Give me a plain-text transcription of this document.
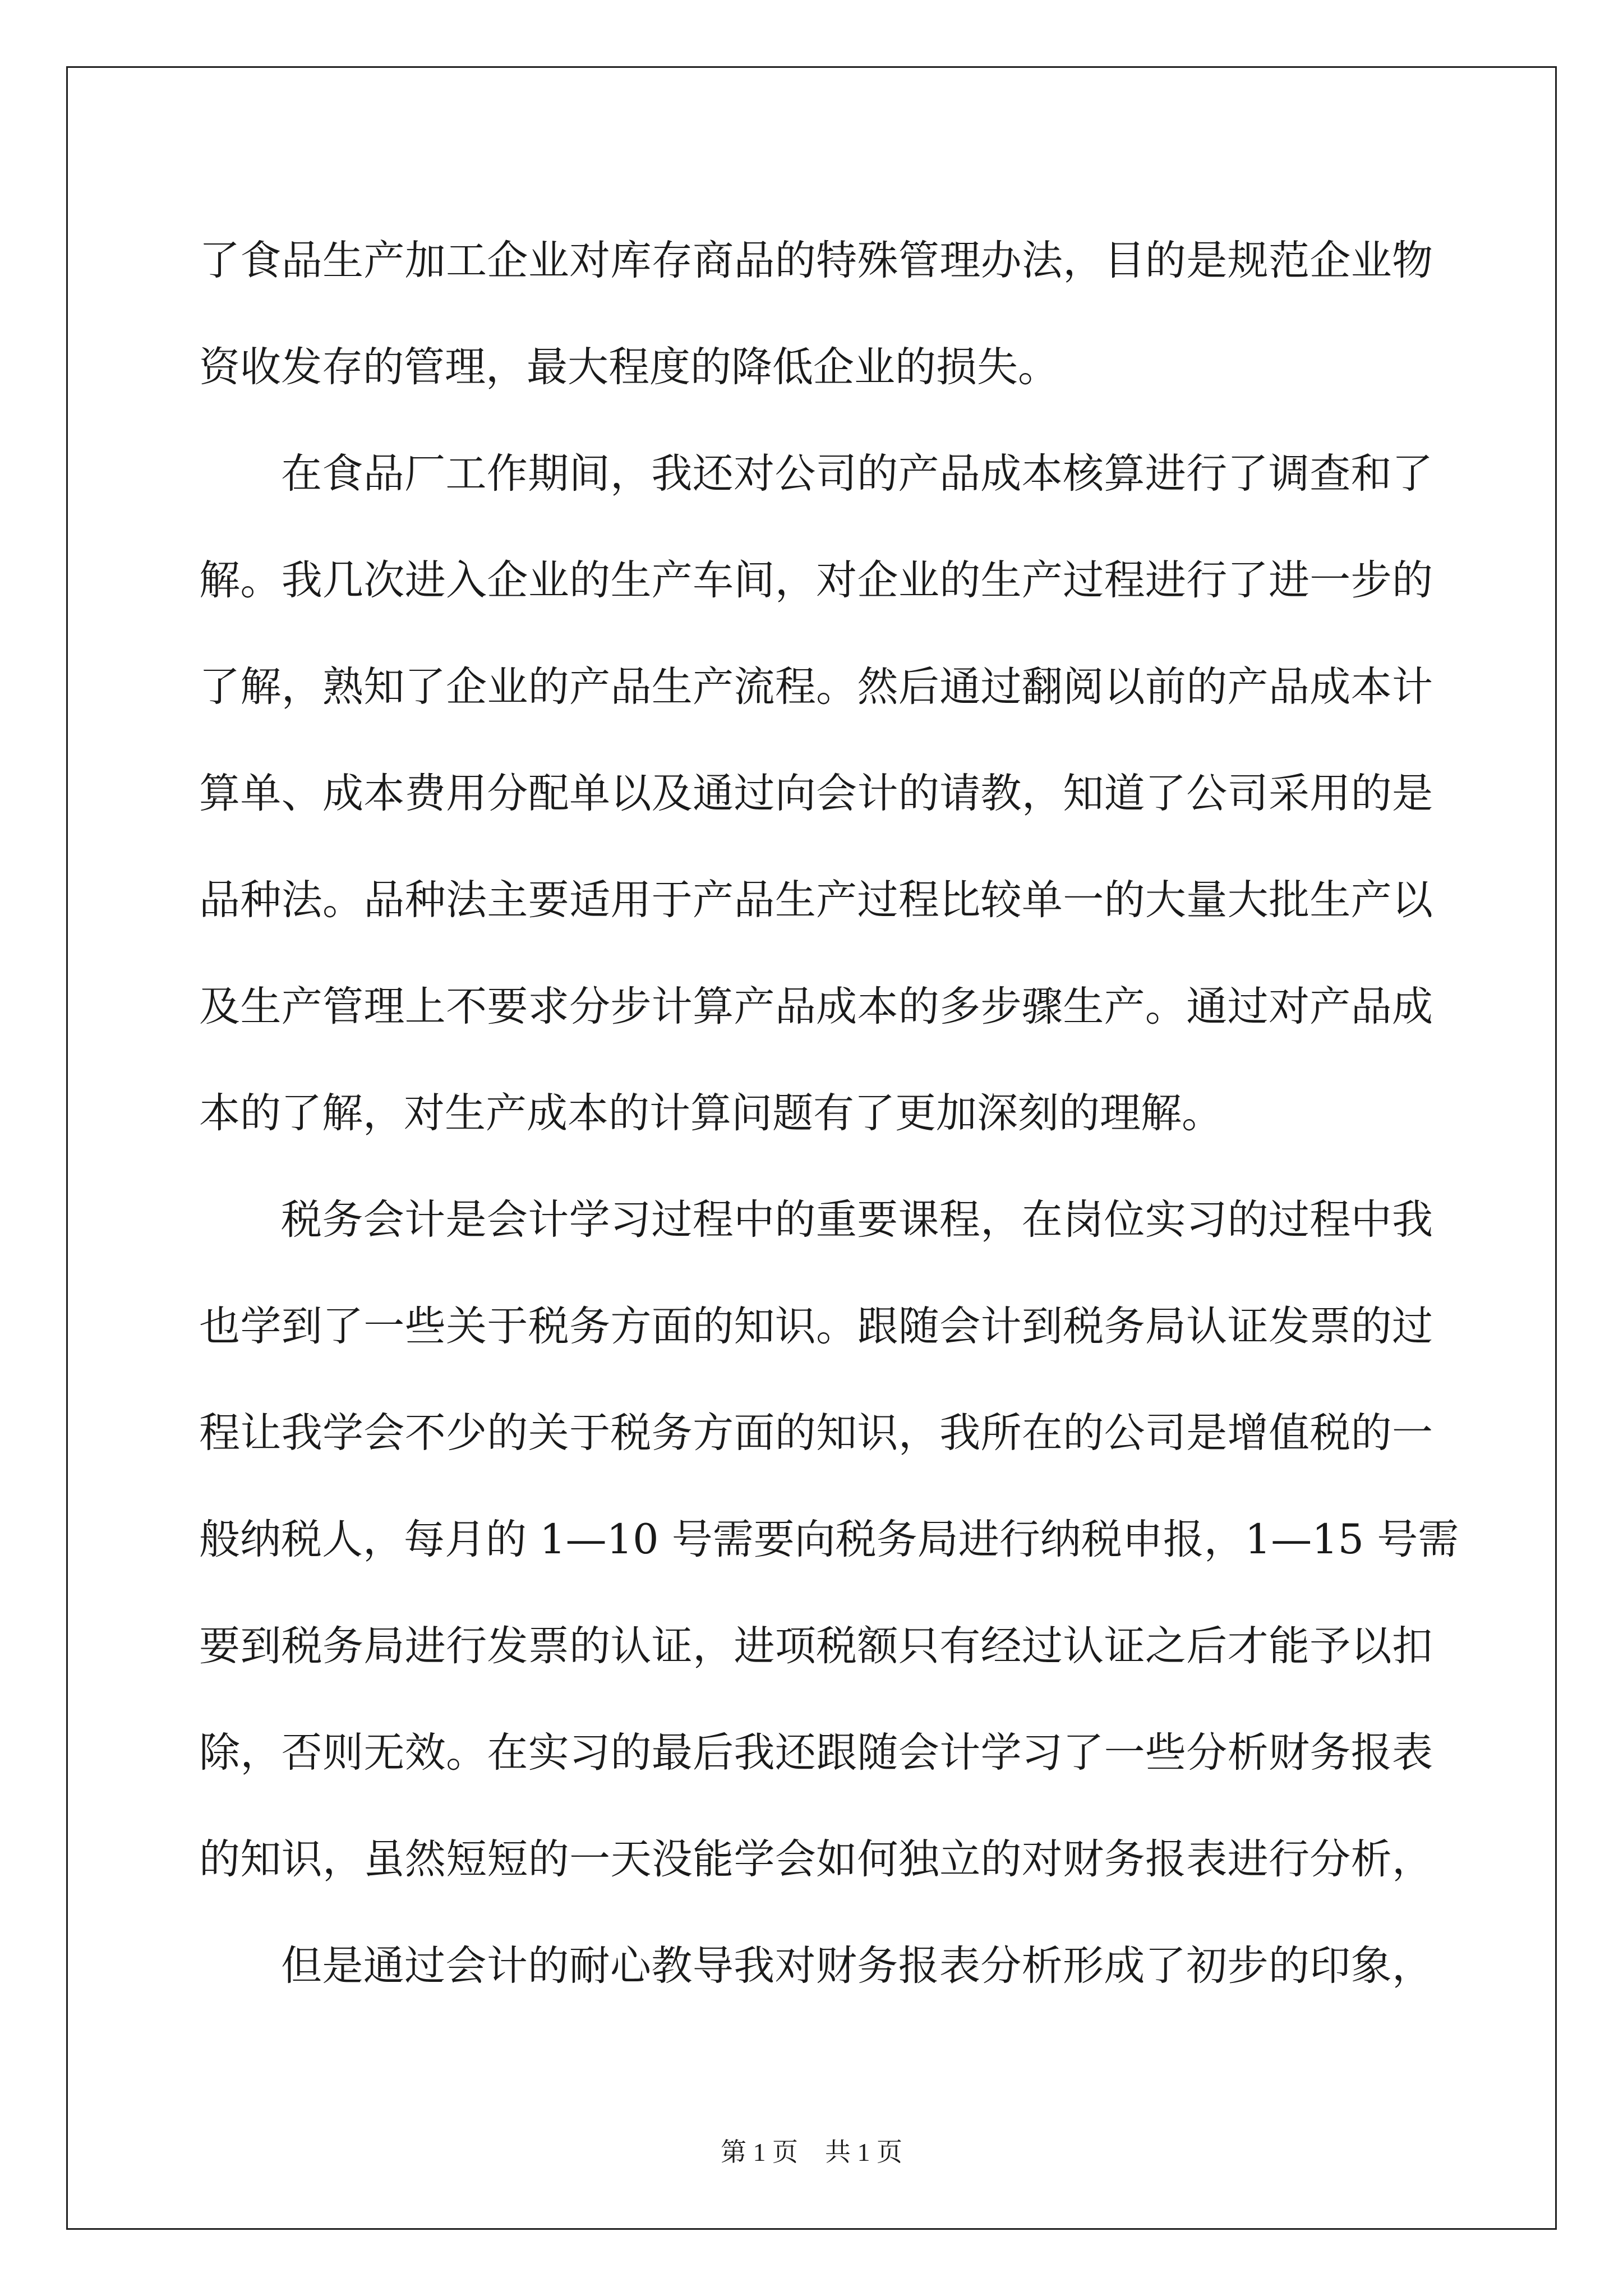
了食品生产加工企业对库存商品的特殊管理办法，目的是规范企业物
资收发存的管理，最大程度的降低企业的损失。
在食品厂工作期间，我还对公司的产品成本核算进行了调查和了
解。我几次进入企业的生产车间，对企业的生产过程进行了进一步的
了解，熟知了企业的产品生产流程。然后通过翻阅以前的产品成本计
算单、成本费用分配单以及通过向会计的请教，知道了公司采用的是
品种法。品种法主要适用于产品生产过程比较单一的大量大批生产以
及生产管理上不要求分步计算产品成本的多步骤生产。通过对产品成
本的了解，对生产成本的计算问题有了更加深刻的理解。
税务会计是会计学习过程中的重要课程，在岗位实习的过程中我
也学到了一些关于税务方面的知识。跟随会计到税务局认证发票的过
程让我学会不少的关于税务方面的知识，我所在的公司是增值税的一
般纳税人，每月的 1—10 号需要向税务局进行纳税申报，1—15 号需
要到税务局进行发票的认证，进项税额只有经过认证之后才能予以扣
除，否则无效。在实习的最后我还跟随会计学习了一些分析财务报表
的知识，虽然短短的一天没能学会如何独立的对财务报表进行分析，
但是通过会计的耐心教导我对财务报表分析形成了初步的印象，
第 1 页 共 1 页
